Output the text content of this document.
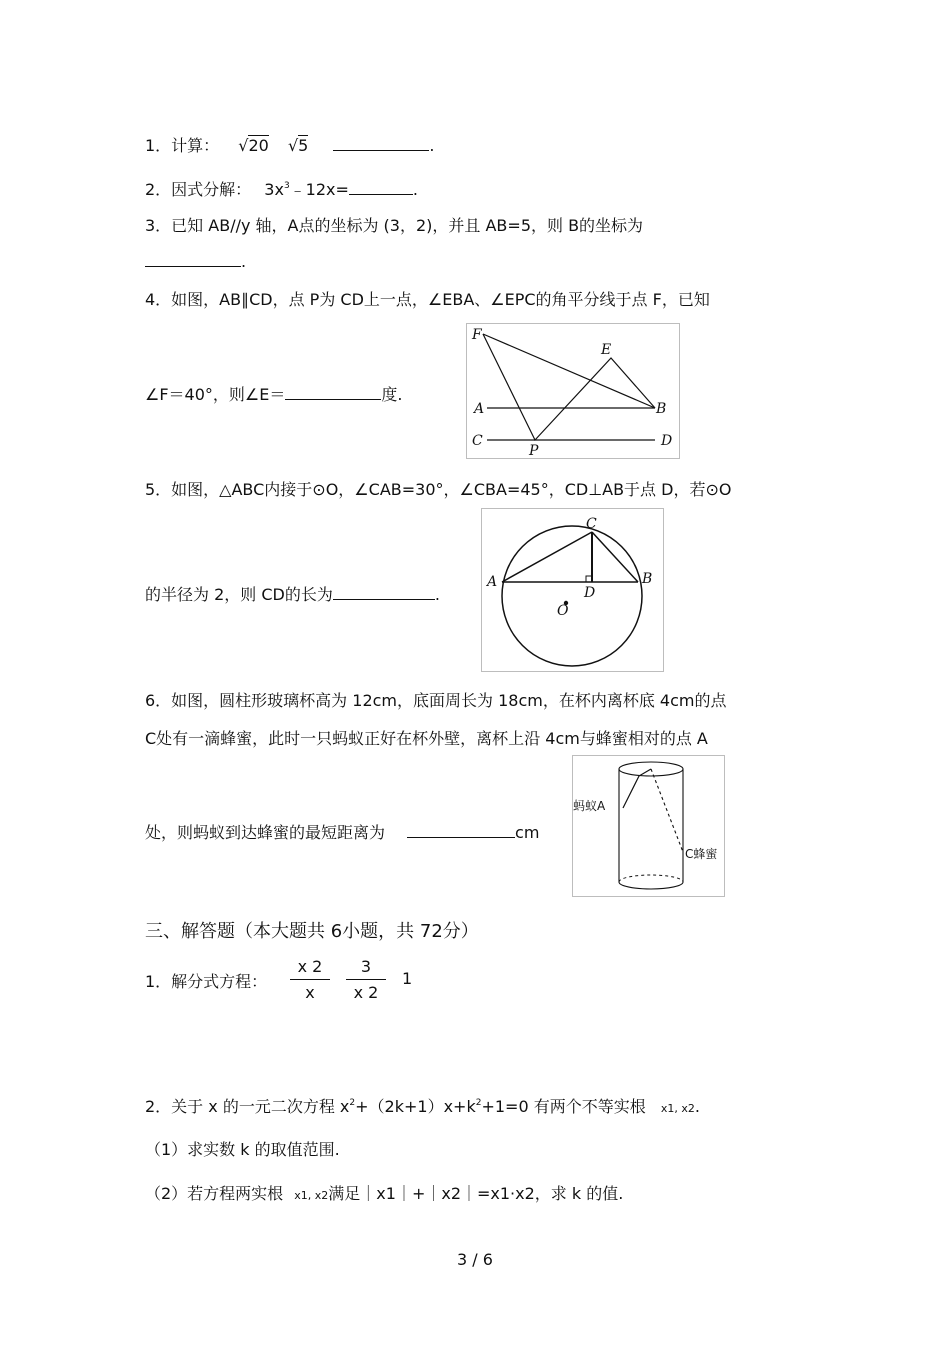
1．计算： √20 √5	.
2．因式分解： $3x^3﹣12x=$	.
3．已知 AB//y 轴，A点的坐标为 (3，2)，并且 AB=5，则 B的坐标为
.
4．如图，AB∥CD，点 P为 CD上一点，∠EBA、∠EPC的角平分线于点 F，已知
∠F＝40°，则∠E＝	度.
F
E
A	B
C	D
P
5．如图，△ABC内接于⊙O，∠CAB=30°，∠CBA=45°，CD⊥AB于点 D，若⊙O
的半径为 2，则 CD的长为	.
C
A	B
D
O
6．如图，圆柱形玻璃杯高为 12cm，底面周长为 18cm，在杯内离杯底 4cm的点
C处有一滴蜂蜜，此时一只蚂蚁正好在杯外壁，离杯上沿 4cm与蜂蜜相对的点 A
处，则蚂蚁到达蜂蜜的最短距离为	cm
蚂蚁A
C蜂蜜
三、解答题（本大题共 6小题，共 72分）
1．解分式方程：
x 2
x
3
x 2
1
2．关于 x 的一元二次方程 $x^2+(2k+1)x+k^2+1=0$ 有两个不等实根 x1, x2.
（1）求实数 k 的取值范围.
（2）若方程两实根 x1, x2满足｜x1｜+｜x2｜=x1·x2，求 k 的值.
3 / 6
